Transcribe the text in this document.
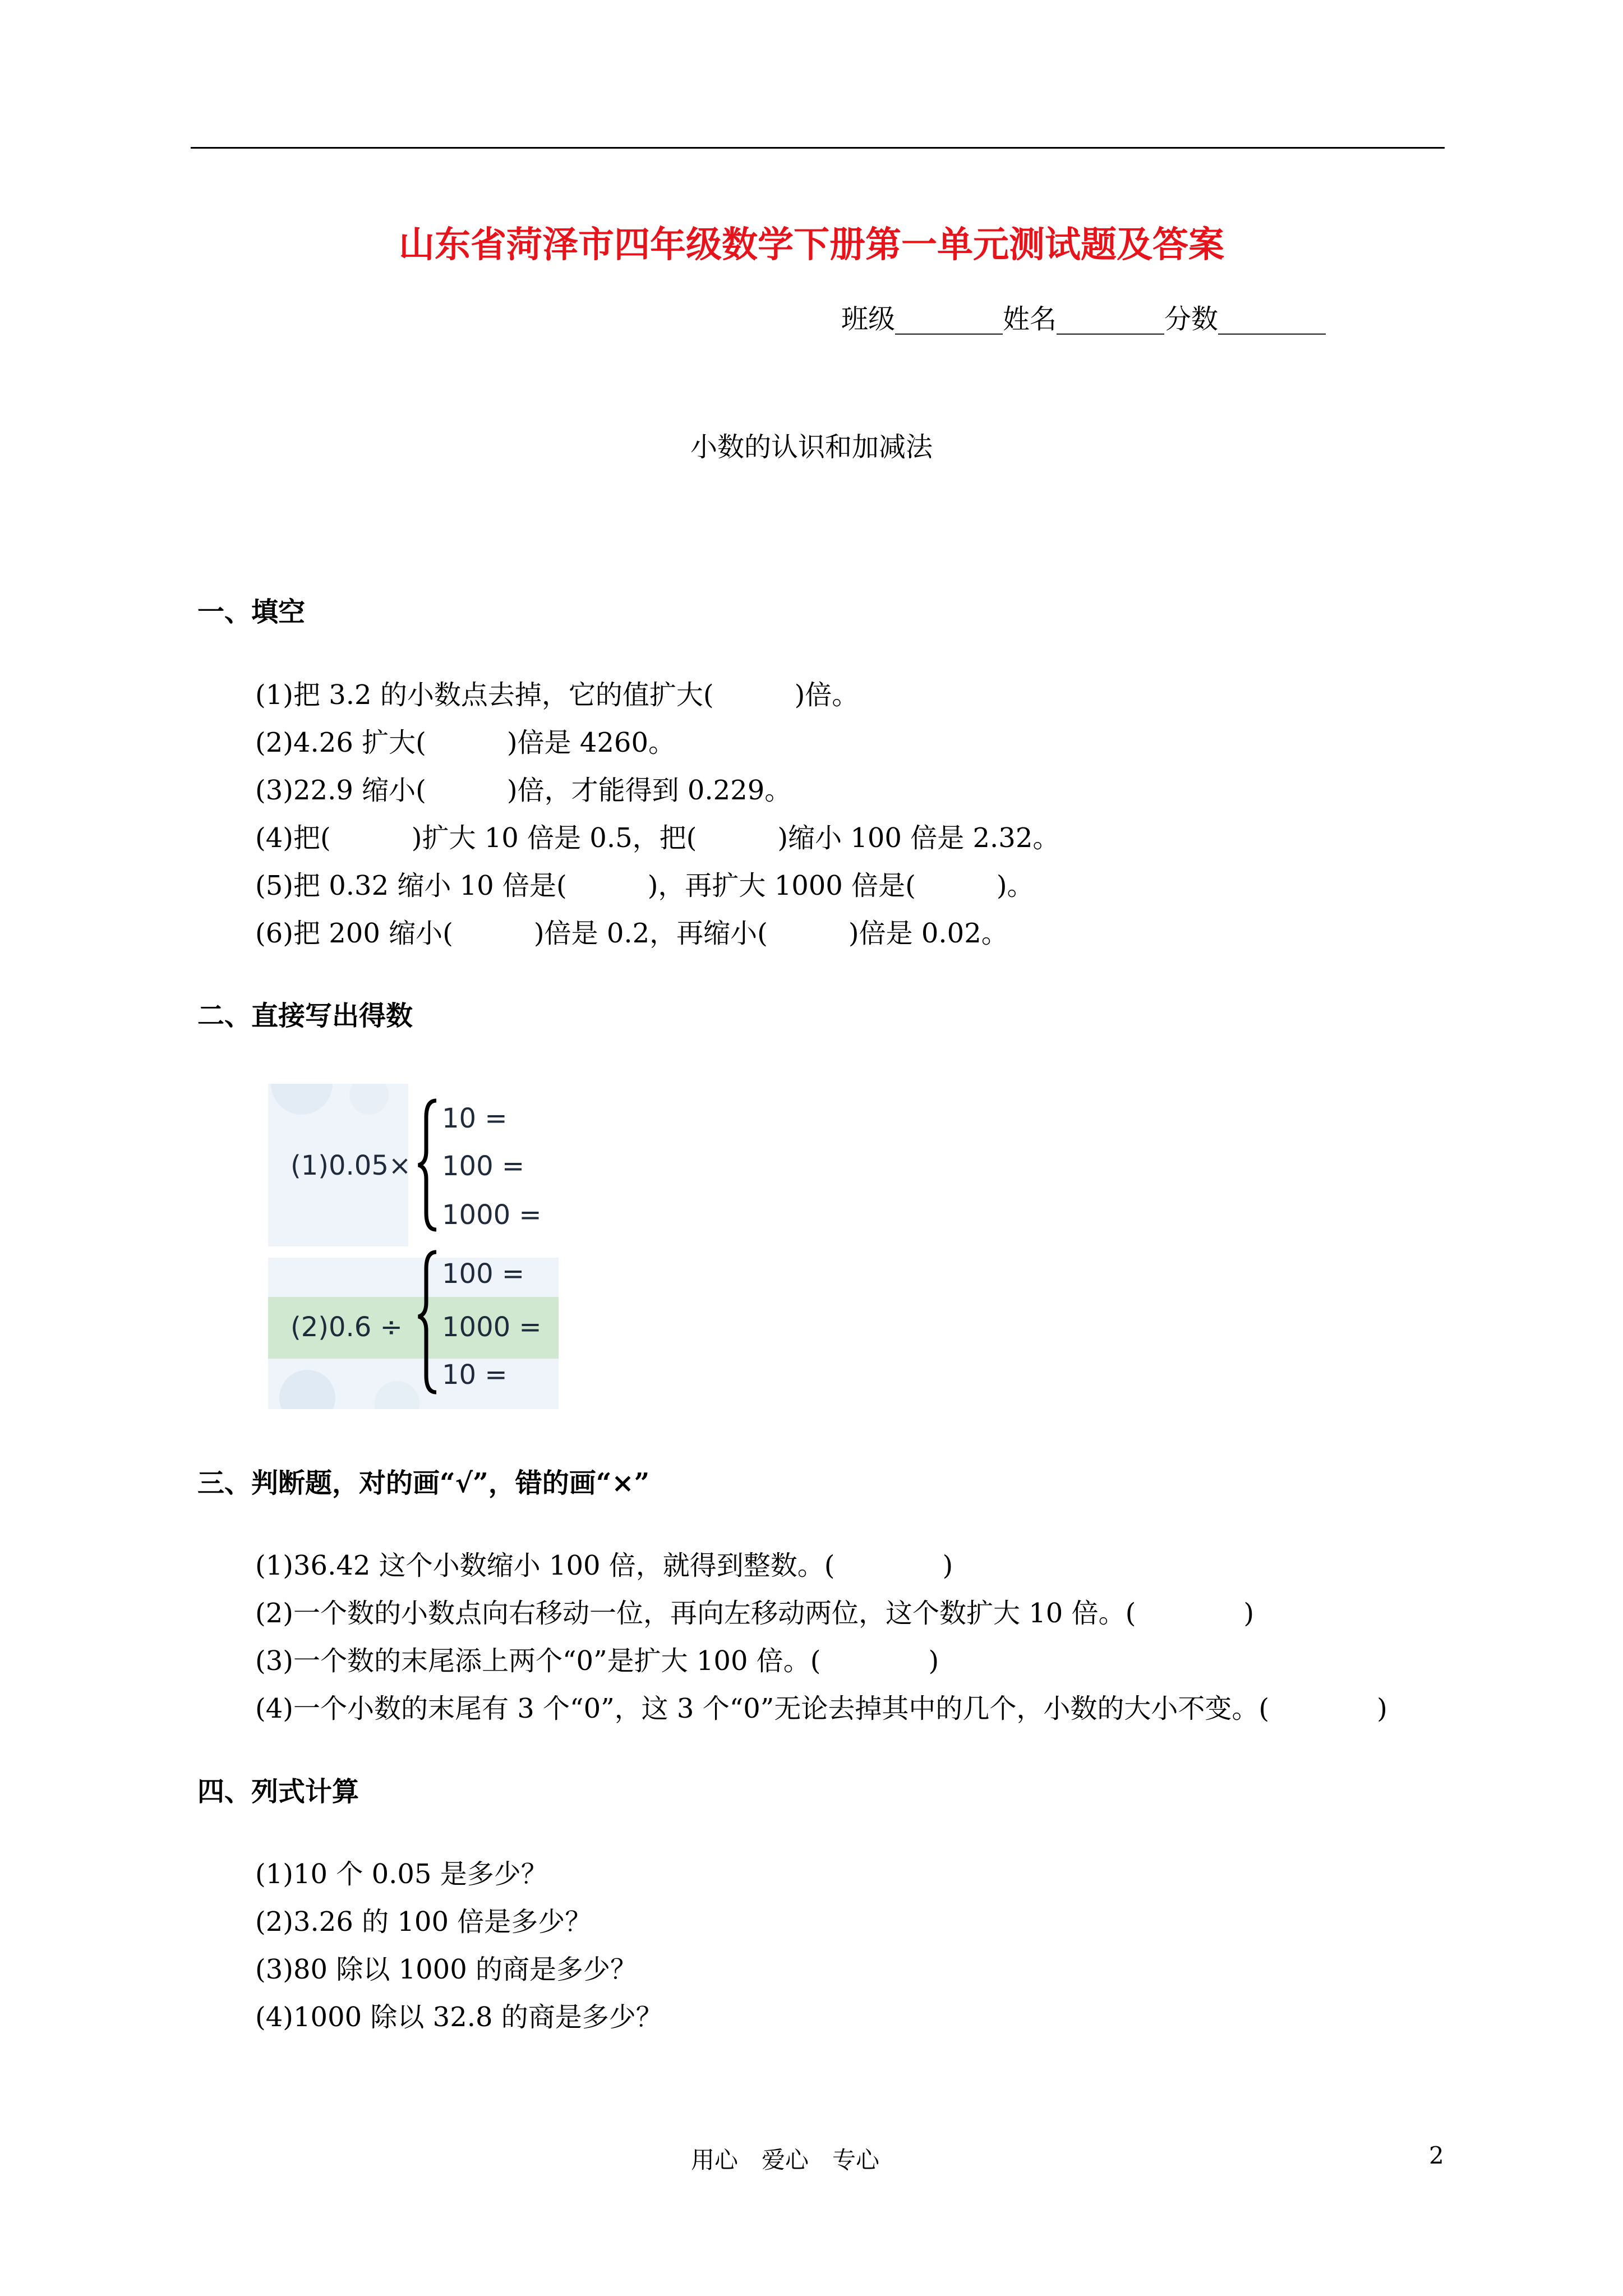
山东省菏泽市四年级数学下册第一单元测试题及答案
班级________姓名________分数________
小数的认识和加减法
一、填空
(1)把 3.2 的小数点去掉，它的值扩大(　　　)倍。
(2)4.26 扩大(　　　)倍是 4260。
(3)22.9 缩小(　　　)倍，才能得到 0.229。
(4)把(　　　)扩大 10 倍是 0.5，把(　　　)缩小 100 倍是 2.32。
(5)把 0.32 缩小 10 倍是(　　　)，再扩大 1000 倍是(　　　)。
(6)把 200 缩小(　　　)倍是 0.2，再缩小(　　　)倍是 0.02。
二、直接写出得数
(1)0.05×
10 =
100 =
1000 =
(2)0.6 ÷
100 =
1000 =
10 =
三、判断题，对的画“√”，错的画“×”
(1)36.42 这个小数缩小 100 倍，就得到整数。(　　　　)
(2)一个数的小数点向右移动一位，再向左移动两位，这个数扩大 10 倍。(　　　　)
(3)一个数的末尾添上两个“0”是扩大 100 倍。(　　　　)
(4)一个小数的末尾有 3 个“0”，这 3 个“0”无论去掉其中的几个，小数的大小不变。(　　　　)
四、列式计算
(1)10 个 0.05 是多少？
(2)3.26 的 100 倍是多少？
(3)80 除以 1000 的商是多少？
(4)1000 除以 32.8 的商是多少？
用心　爱心　专心	2
